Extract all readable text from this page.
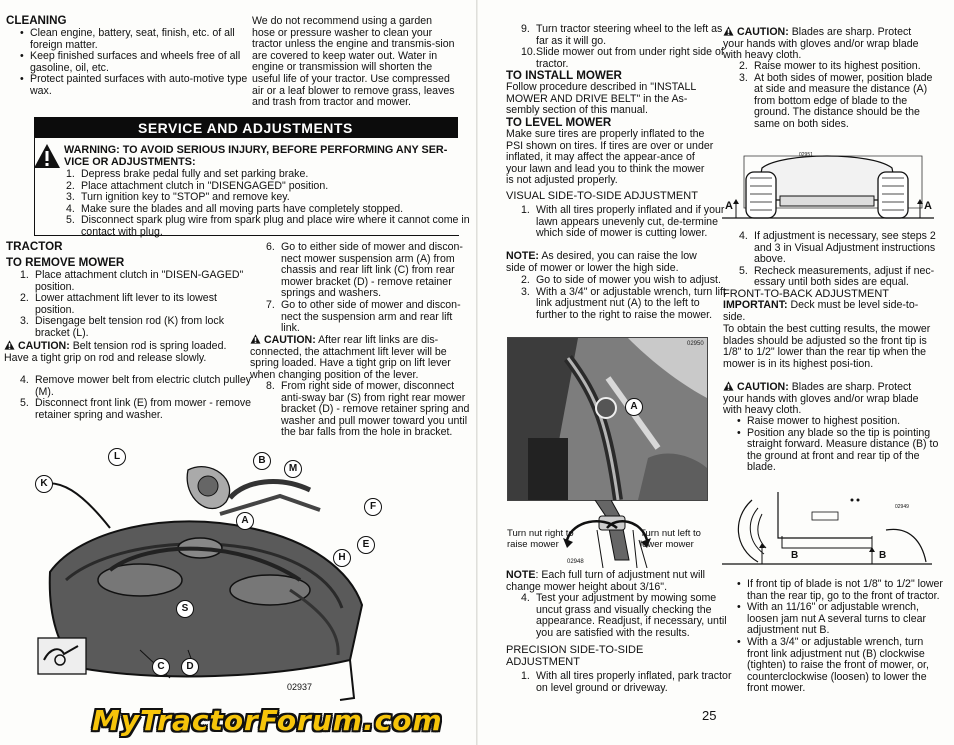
CLEANING
• Clean engine, battery, seat, finish, etc. of all foreign matter.
• Keep finished surfaces and wheels free of all gasoline, oil, etc.
• Protect painted surfaces with auto-motive type wax.
We do not recommend using a garden hose or pressure washer to clean your tractor unless the engine and transmis-sion are covered to keep water out. Water in engine or transmission will shorten the useful life of your tractor. Use compressed air or a leaf blower to remove grass, leaves and trash from tractor and mower.
SERVICE AND ADJUSTMENTS
WARNING: TO AVOID SERIOUS INJURY, BEFORE PERFORMING ANY SER-VICE OR ADJUSTMENTS:
1. Depress brake pedal fully and set parking brake.
2. Place attachment clutch in "DISENGAGED" position.
3. Turn ignition key to "STOP" and remove key.
4. Make sure the blades and all moving parts have completely stopped.
5. Disconnect spark plug wire from spark plug and place wire where it cannot come in contact with plug.
TRACTOR
TO REMOVE MOWER
1. Place attachment clutch in "DISEN-GAGED" position.
2. Lower attachment lift lever to its lowest position.
3. Disengage belt tension rod (K) from lock bracket (L).
CAUTION: Belt tension rod is spring loaded. Have a tight grip on rod and release slowly.
4. Remove mower belt from electric clutch pulley (M).
5. Disconnect front link (E) from mower - remove retainer spring and washer.
6. Go to either side of mower and discon-nect mower suspension arm (A) from chassis and rear lift link (C) from rear mower bracket (D) - remove retainer springs and washers.
7. Go to other side of mower and discon-nect the suspension arm and rear lift link.
CAUTION: After rear lift links are dis-connected, the attachment lift lever will be spring loaded. Have a tight grip on lift lever when changing position of the lever.
8. From right side of mower, disconnect anti-sway bar (S) from right rear mower bracket (D) - remove retainer spring and washer and pull mower toward you until the bar falls from the hole in bracket.
K
L	B
M
A
F
E
H
S
C	D
02937
MyTractorForum.com
9. Turn tractor steering wheel to the left as far as it will go.
10. Slide mower out from under right side of tractor.
TO INSTALL MOWER
Follow procedure described in "INSTALL MOWER AND DRIVE BELT" in the As-sembly section of this manual.
TO LEVEL MOWER
Make sure tires are properly inflated to the PSI shown on tires. If tires are over or under inflated, it may affect the appear-ance of your lawn and lead you to think the mower is not adjusted properly.
VISUAL SIDE-TO-SIDE ADJUSTMENT
1. With all tires properly inflated and if your lawn appears unevenly cut, de-termine which side of mower is cutting lower.
NOTE: As desired, you can raise the low side of mower or lower the high side.
2. Go to side of mower you wish to adjust.
3. With a 3/4" or adjustable wrench, turn lift link adjustment nut (A) to the left to further to the right to raise the mower.
02950
A
Turn nut right to raise mower
Turn nut left to lower mower
02948
NOTE: Each full turn of adjustment nut will change mower height about 3/16".
4. Test your adjustment by mowing some uncut grass and visually checking the appearance. Readjust, if necessary, until you are satisfied with the results.
PRECISION SIDE-TO-SIDE ADJUSTMENT
1. With all tires properly inflated, park tractor on level ground or driveway.
CAUTION: Blades are sharp. Protect your hands with gloves and/or wrap blade with heavy cloth.
2. Raise mower to its highest position.
3. At both sides of mower, position blade at side and measure the distance (A) from bottom edge of blade to the ground. The distance should be the same on both sides.
02951
A	A
4. If adjustment is necessary, see steps 2 and 3 in Visual Adjustment instructions above.
5. Recheck measurements, adjust if nec-essary until both sides are equal.
FRONT-TO-BACK ADJUSTMENT
IMPORTANT: Deck must be level side-to-side.
To obtain the best cutting results, the mower blades should be adjusted so the front tip is 1/8" to 1/2" lower than the rear tip when the mower is in its highest posi-tion.
CAUTION: Blades are sharp. Protect your hands with gloves and/or wrap blade with heavy cloth.
• Raise mower to highest position.
• Position any blade so the tip is pointing straight forward. Measure distance (B) to the ground at front and rear tip of the blade.
02949
B	B
• If front tip of blade is not 1/8" to 1/2" lower than the rear tip, go to the front of tractor.
• With an 11/16" or adjustable wrench, loosen jam nut A several turns to clear adjustment nut B.
• With a 3/4" or adjustable wrench, turn front link adjustment nut (B) clockwise (tighten) to raise the front of mower, or, counterclockwise (loosen) to lower the front mower.
25
